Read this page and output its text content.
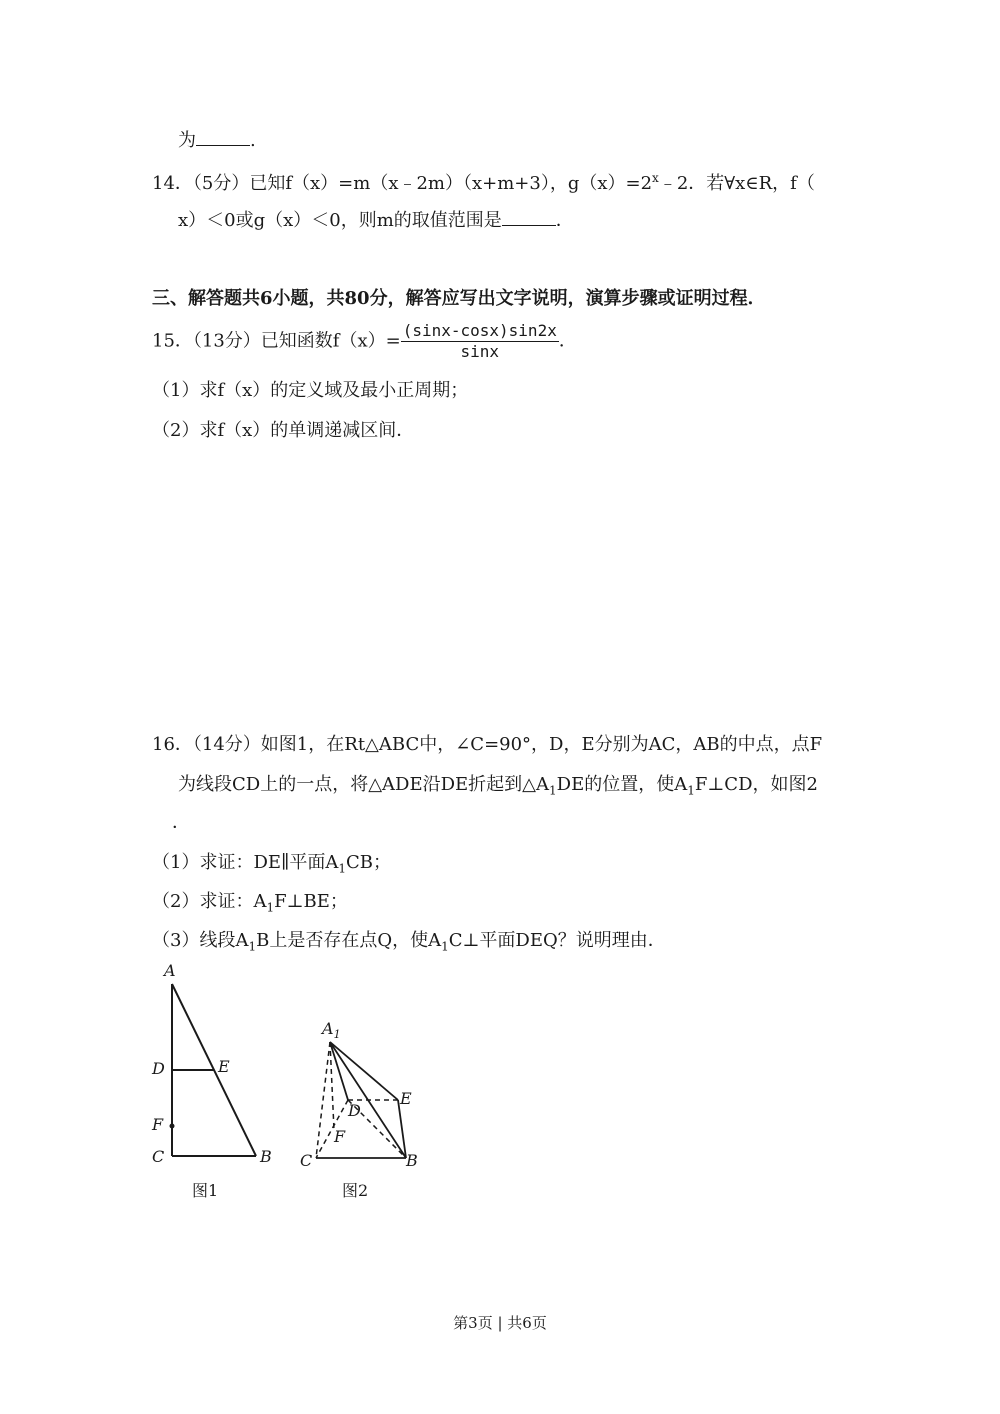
为	.
14．（5分）已知f（x）=m（x﹣2m）（x+m+3），$g(x)=2^x﹣2$．若∀x∈R，f（
x）＜0或g（x）＜0，则m的取值范围是	．
三、解答题共6小题，共80分，解答应写出文字说明，演算步骤或证明过程．
15．（13分）已知函数$f(x)= \frac{(\sin x-\cos x)\sin 2x}{\sin x}$ ．
（1）求f（x）的定义域及最小正周期；
（2）求f（x）的单调递减区间．
16．（14分）如图1，在Rt△ABC中，∠C=90°，D，E分别为AC，AB的中点，点F
为线段CD上的一点，将△ADE沿DE折起到$\triangle A_1DE$的位置，使$A_1F\perp CD$，如图2
．
（1）求证：DE∥平面$A_1CB$；
（2）求证：$A_1F\perp BE$；
（3）线段$A_1B$上是否存在点Q，使$A_1C\perp$平面DEQ？说明理由．
A
D	E
F
C	B
图1
$A_1$
E
D
F
C	B
图2
第3页 | 共6页
